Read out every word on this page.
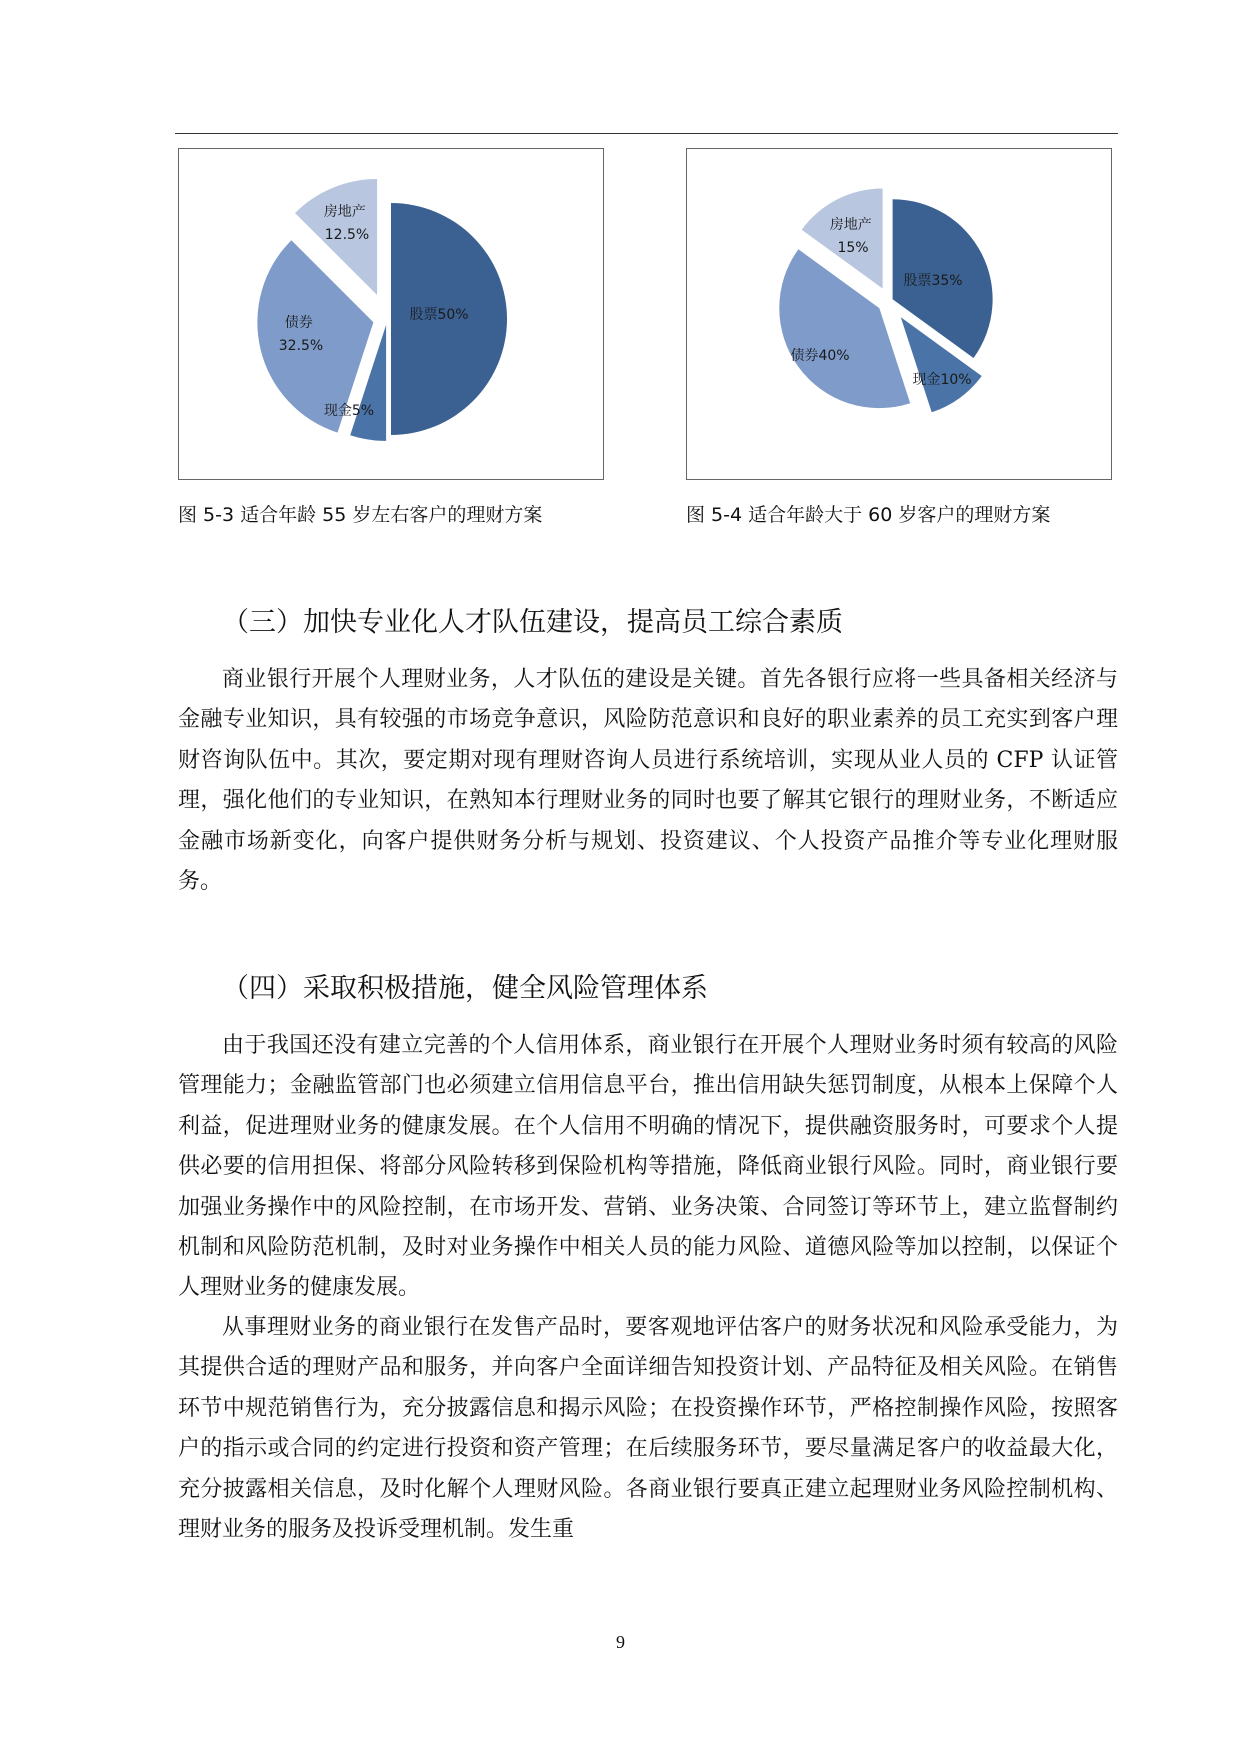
股票50%
现金5%
债券 32.5%
房地产 12.5%
股票35%
现金10%
债券40%
房地产 15%
图 5-3 适合年龄 55 岁左右客户的理财方案	图 5-4 适合年龄大于 60 岁客户的理财方案
（三）加快专业化人才队伍建设，提高员工综合素质

商业银行开展个人理财业务，人才队伍的建设是关键。首先各银行应将一些具备相关经济与金融专业知识，具有较强的市场竞争意识，风险防范意识和良好的职业素养的员工充实到客户理财咨询队伍中。其次，要定期对现有理财咨询人员进行系统培训，实现从业人员的 CFP 认证管理，强化他们的专业知识，在熟知本行理财业务的同时也要了解其它银行的理财业务，不断适应金融市场新变化，向客户提供财务分析与规划、投资建议、个人投资产品推介等专业化理财服务。

（四）采取积极措施，健全风险管理体系

由于我国还没有建立完善的个人信用体系，商业银行在开展个人理财业务时须有较高的风险管理能力；金融监管部门也必须建立信用信息平台，推出信用缺失惩罚制度，从根本上保障个人利益，促进理财业务的健康发展。在个人信用不明确的情况下，提供融资服务时，可要求个人提供必要的信用担保、将部分风险转移到保险机构等措施，降低商业银行风险。同时，商业银行要加强业务操作中的风险控制，在市场开发、营销、业务决策、合同签订等环节上，建立监督制约机制和风险防范机制，及时对业务操作中相关人员的能力风险、道德风险等加以控制，以保证个人理财业务的健康发展。

从事理财业务的商业银行在发售产品时，要客观地评估客户的财务状况和风险承受能力，为其提供合适的理财产品和服务，并向客户全面详细告知投资计划、产品特征及相关风险。在销售环节中规范销售行为，充分披露信息和揭示风险；在投资操作环节，严格控制操作风险，按照客户的指示或合同的约定进行投资和资产管理；在后续服务环节，要尽量满足客户的收益最大化，充分披露相关信息，及时化解个人理财风险。各商业银行要真正建立起理财业务风险控制机构、理财业务的服务及投诉受理机制。发生重

9
